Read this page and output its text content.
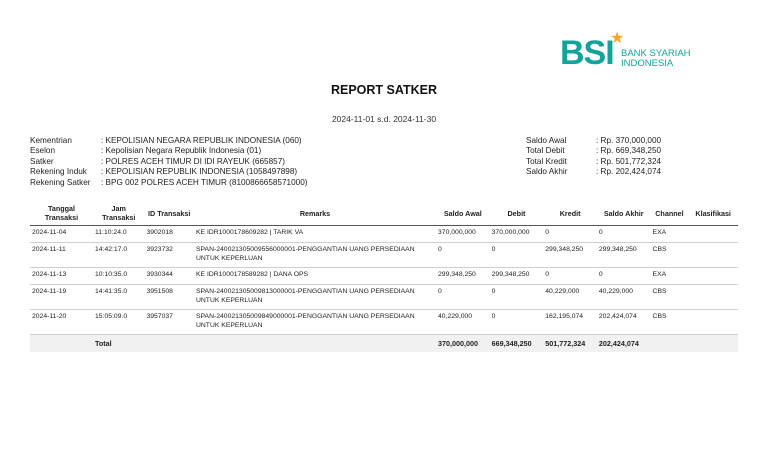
BSI
★
BANK SYARIAH
INDONESIA
REPORT SATKER
2024-11-01 s.d. 2024-11-30
Kementrian	: KEPOLISIAN NEGARA REPUBLIK INDONESIA (060)
Eselon	: Kepolisian Negara Republik Indonesia (01)
Satker	: POLRES ACEH TIMUR DI IDI RAYEUK (665857)
Rekening Induk	: KEPOLISIAN REPUBLIK INDONESIA (1058497898)
Rekening Satker	: BPG 002 POLRES ACEH TIMUR (8100866658571000)
Saldo Awal	: Rp. 370,000,000
Total Debit	: Rp. 669,348,250
Total Kredit	: Rp. 501,772,324
Saldo Akhir	: Rp. 202,424,074
Tanggal Transaksi	Jam Transaksi	ID Transaksi	Remarks	Saldo Awal	Debit	Kredit	Saldo Akhir	Channel	Klasifikasi
2024-11-04	11:10:24.0	3902018	KE IDR1000178609282 | TARIK VA	370,000,000	370,000,000	0	0	EXA	
2024-11-11	14:42:17.0	3923732	SPAN-240021305009556000001-PENGGANTIAN UANG PERSEDIAAN UNTUK KEPERLUAN	0	0	299,348,250	299,348,250	CBS	
2024-11-13	10:10:35.0	3930344	KE IDR1000178589282 | DANA OPS	299,348,250	299,348,250	0	0	EXA	
2024-11-19	14:41:35.0	3951508	SPAN-240021305009813000001-PENGGANTIAN UANG PERSEDIAAN UNTUK KEPERLUAN	0	0	40,229,000	40,229,000	CBS	
2024-11-20	15:05:09.0	3957037	SPAN-240021305009849000001-PENGGANTIAN UANG PERSEDIAAN UNTUK KEPERLUAN	40,229,000	0	162,195,074	202,424,074	CBS	
	Total			370,000,000	669,348,250	501,772,324	202,424,074		
